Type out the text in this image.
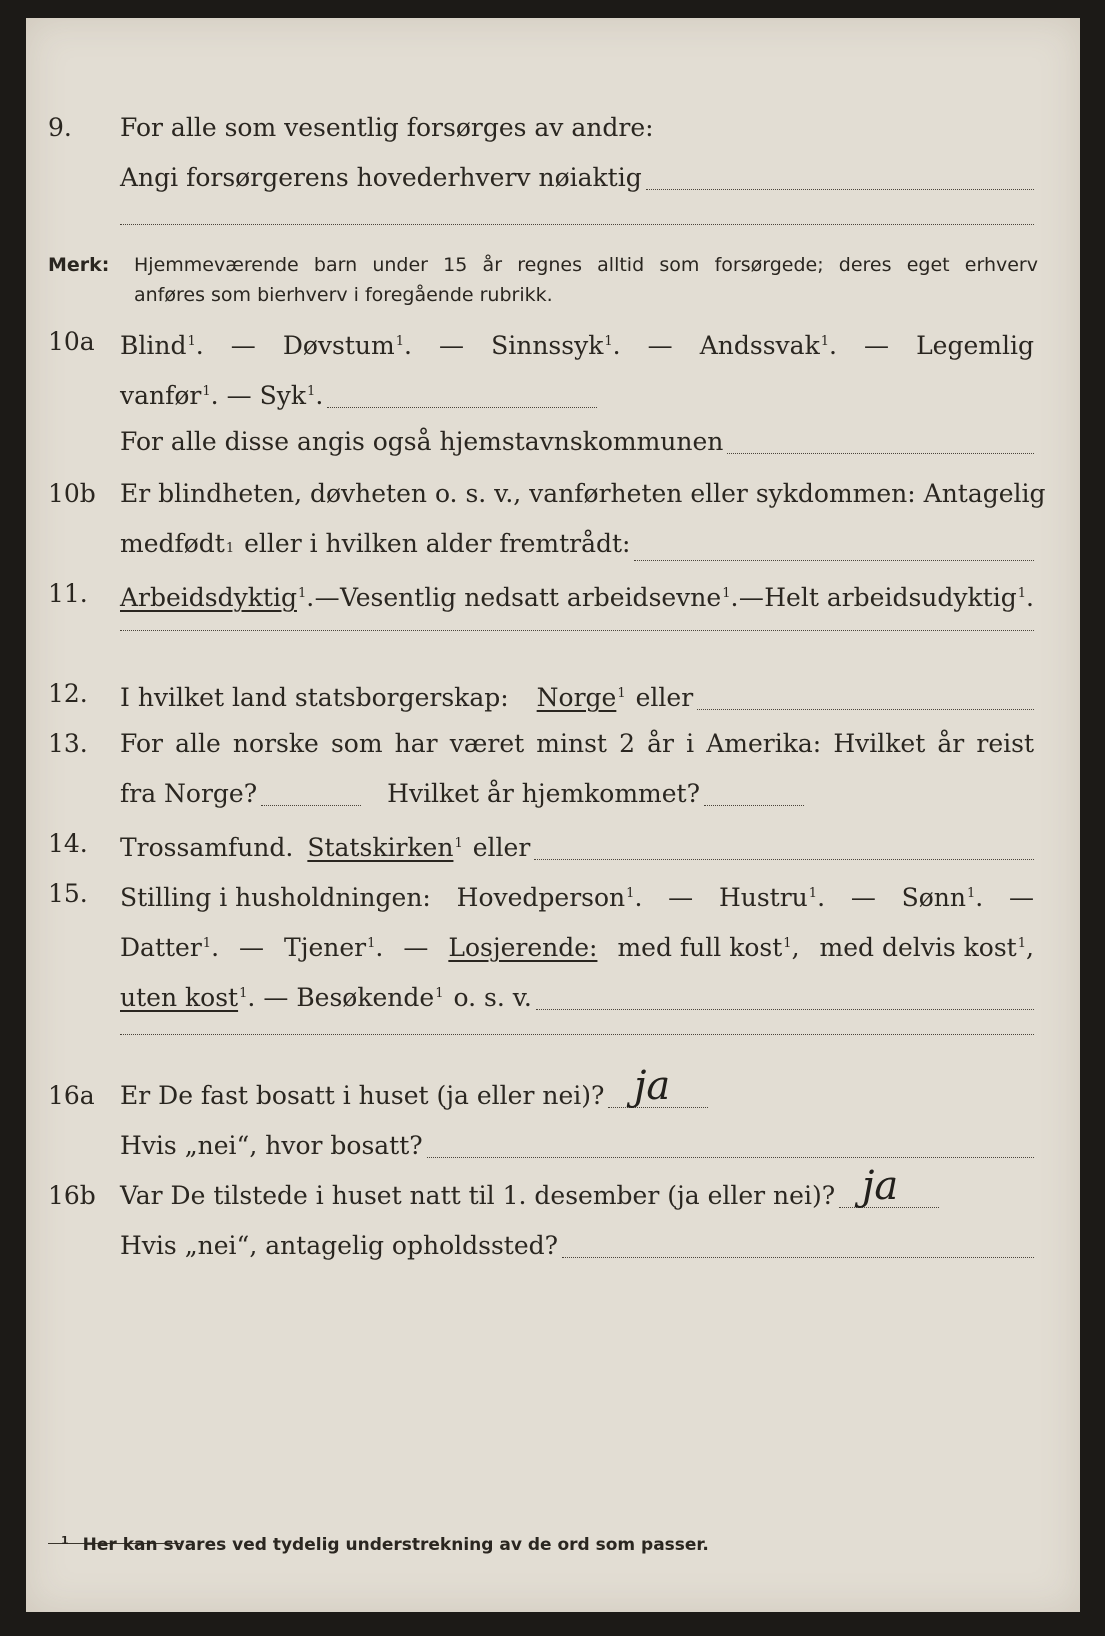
9. For alle som vesentlig forsørges av andre:
Angi forsørgerens hovederhverv nøiaktig
Merk: Hjemmeværende barn under 15 år regnes alltid som forsørgede; deres eget erhverv
anføres som bierhverv i foregående rubrikk.
10a Blind$^1$. — Døvstum$^1$. — Sinnssyk$^1$. — Andssvak$^1$. — Legemlig
vanfør$^1$. — Syk$^1$.
For alle disse angis også hjemstavnskommunen
10b Er blindheten, døvheten o. s. v., vanførheten eller sykdommen: Antagelig
medfødt$_1$ eller i hvilken alder fremtrådt:
11. Arbeidsdyktig$^1$. — Vesentlig nedsatt arbeidsevne$^1$. — Helt arbeidsudyktig$^1$.
12. I hvilket land statsborgerskap: Norge$^1$ eller
13. For alle norske som har været minst 2 år i Amerika: Hvilket år reist
fra Norge?	Hvilket år hjemkommet?
14. Trossamfund. Statskirken$^1$ eller
15. Stilling i husholdningen: Hovedperson$^1$. — Hustru$^1$. — Sønn$^1$. —
Datter$^1$. — Tjener$^1$. — Losjerende: med full kost$^1$, med delvis kost$^1$,
uten kost$^1$. — Besøkende$^1$ o. s. v.
16a Er De fast bosatt i huset (ja eller nei)? ja
Hvis „nei“, hvor bosatt?
16b Var De tilstede i huset natt til 1. desember (ja eller nei)? ja
Hvis „nei“, antagelig opholdssted?
$^1$ Her kan svares ved tydelig understrekning av de ord som passer.
